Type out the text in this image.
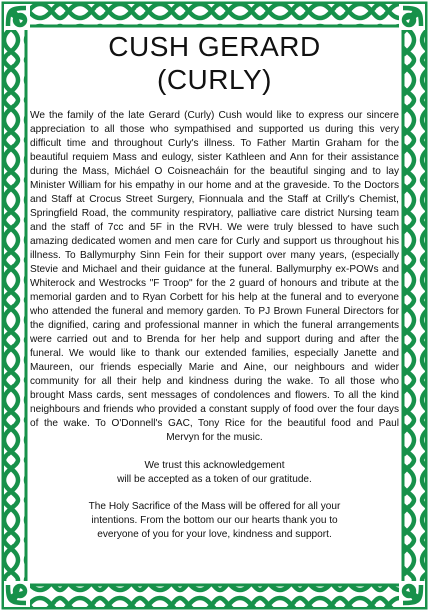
CUSH GERARD
(CURLY)

We the family of the late Gerard (Curly) Cush would like to express our sincere appreciation to all those who sympathised and supported us during this very difficult time and throughout Curly's illness. To Father Martin Graham for the beautiful requiem Mass and eulogy, sister Kathleen and Ann for their assistance during the Mass, Micháel O Coisneacháin for the beautiful singing and to lay Minister William for his empathy in our home and at the graveside. To the Doctors and Staff at Crocus Street Surgery, Fionnuala and the Staff at Crilly's Chemist, Springfield Road, the community respiratory, palliative care district Nursing team and the staff of 7cc and 5F in the RVH. We were truly blessed to have such amazing dedicated women and men care for Curly and support us throughout his illness. To Ballymurphy Sinn Fein for their support over many years, (especially Stevie and Michael and their guidance at the funeral. Ballymurphy ex-POWs and Whiterock and Westrocks "F Troop" for the 2 guard of honours and tribute at the memorial garden and to Ryan Corbett for his help at the funeral and to everyone who attended the funeral and memory garden. To PJ Brown Funeral Directors for the dignified, caring and professional manner in which the funeral arrangements were carried out and to Brenda for her help and support during and after the funeral. We would like to thank our extended families, especially Janette and Maureen, our friends especially Marie and Aine, our neighbours and wider community for all their help and kindness during the wake. To all those who brought Mass cards, sent messages of condolences and flowers. To all the kind neighbours and friends who provided a constant supply of food over the four days of the wake. To O'Donnell's GAC, Tony Rice for the beautiful food and Paul Mervyn for the music.

We trust this acknowledgement
will be accepted as a token of our gratitude.
The Holy Sacrifice of the Mass will be offered for all your
intentions. From the bottom our our hearts thank you to
everyone of you for your love, kindness and support.
